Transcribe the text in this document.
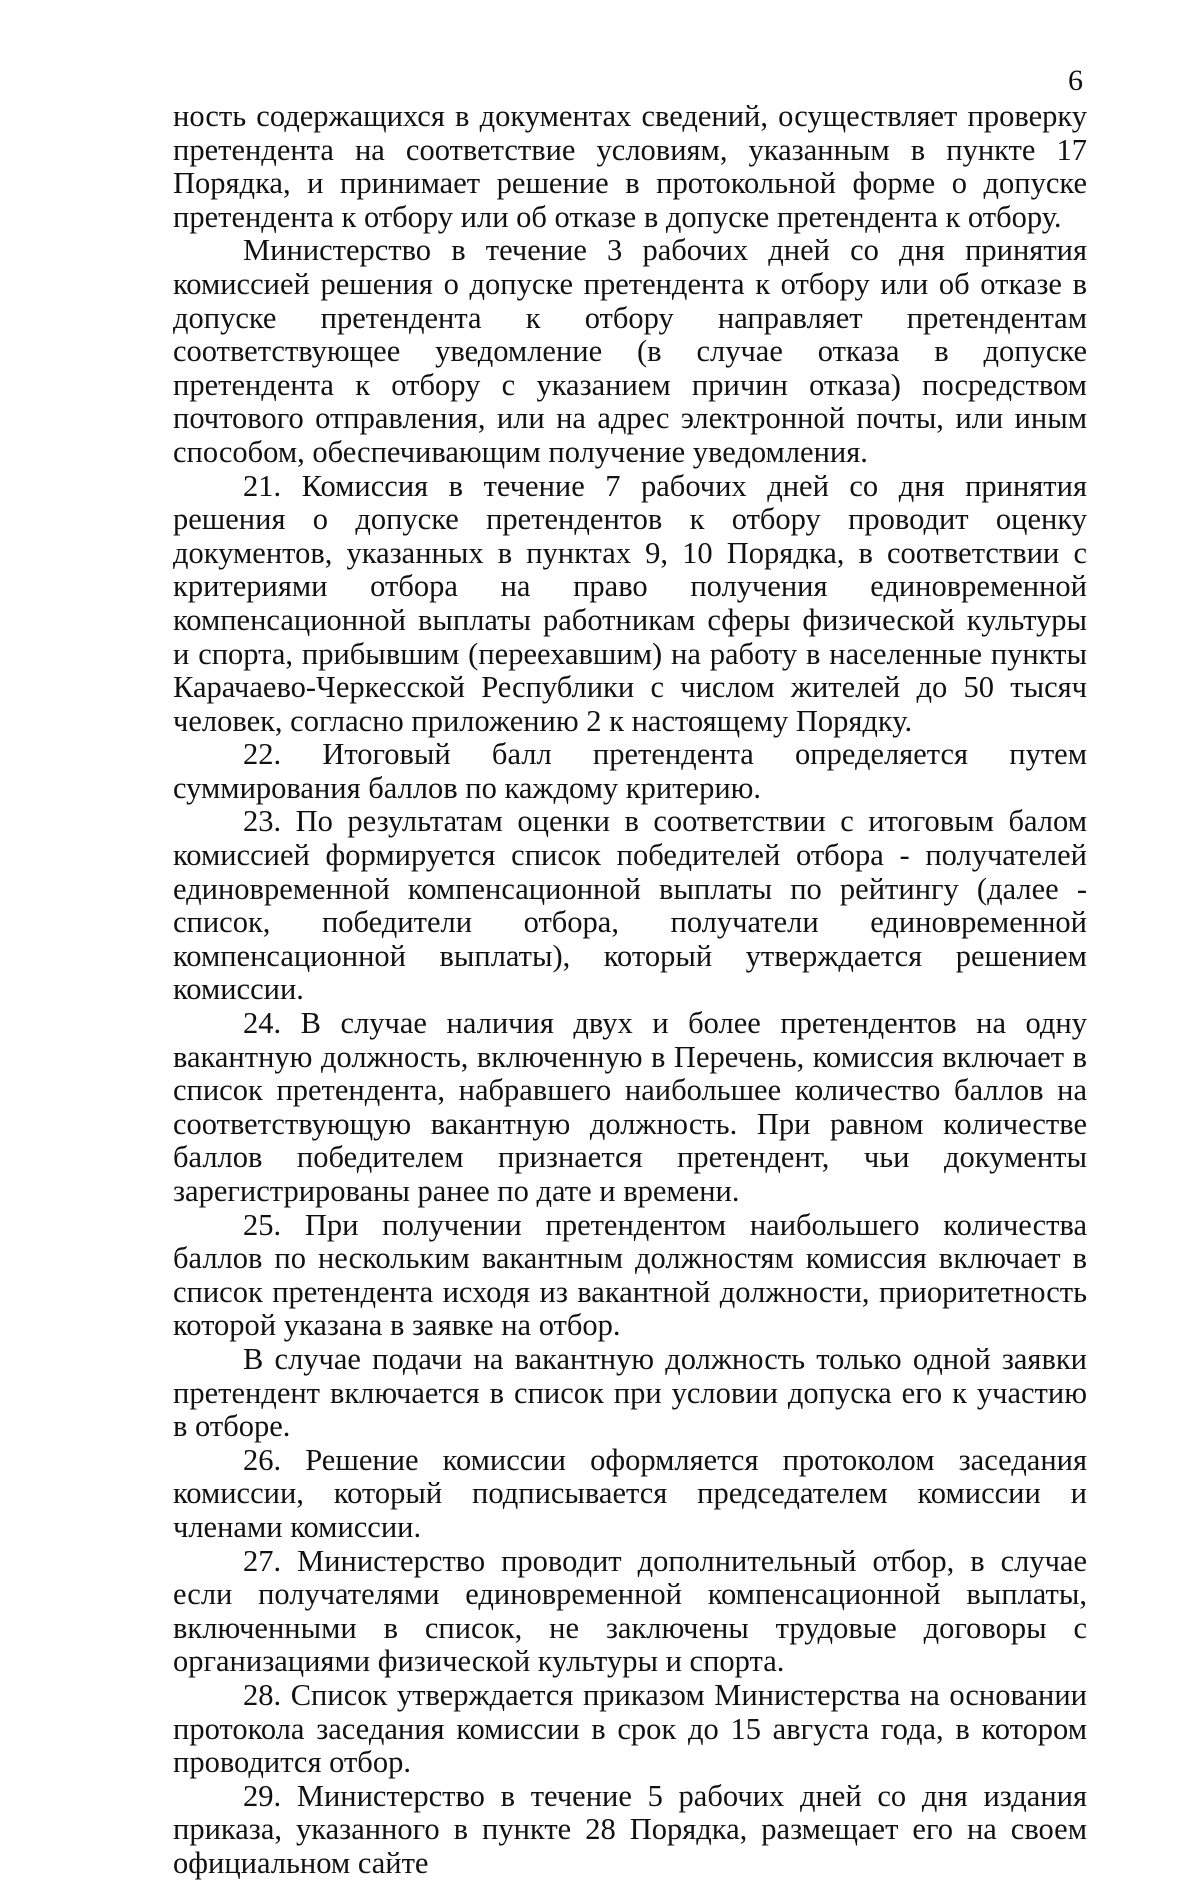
6

ность содержащихся в документах сведений, осуществляет проверку претендента на соответствие условиям, указанным в пункте 17 Порядка, и принимает решение в протокольной форме о допуске претендента к отбору или об отказе в допуске претендента к отбору.

Министерство в течение 3 рабочих дней со дня принятия комиссией решения о допуске претендента к отбору или об отказе в допуске претендента к отбору направляет претендентам соответствующее уведомление (в случае отказа в допуске претендента к отбору с указанием причин отказа) посредством почтового отправления, или на адрес электронной почты, или иным способом, обеспечивающим получение уведомления.

21. Комиссия в течение 7 рабочих дней со дня принятия решения о допуске претендентов к отбору проводит оценку документов, указанных в пунктах 9, 10 Порядка, в соответствии с критериями отбора на право получения единовременной компенсационной выплаты работникам сферы физической культуры и спорта, прибывшим (переехавшим) на работу в населенные пункты Карачаево-Черкесской Республики с числом жителей до 50 тысяч человек, согласно приложению 2 к настоящему Порядку.

22. Итоговый балл претендента определяется путем суммирования баллов по каждому критерию.

23. По результатам оценки в соответствии с итоговым балом комиссией формируется список победителей отбора - получателей единовременной компенсационной выплаты по рейтингу (далее - список, победители отбора, получатели единовременной компенсационной выплаты), который утверждается решением комиссии.

24. В случае наличия двух и более претендентов на одну вакантную должность, включенную в Перечень, комиссия включает в список претендента, набравшего наибольшее количество баллов на соответствующую вакантную должность. При равном количестве баллов победителем признается претендент, чьи документы зарегистрированы ранее по дате и времени.

25. При получении претендентом наибольшего количества баллов по нескольким вакантным должностям комиссия включает в список претендента исходя из вакантной должности, приоритетность которой указана в заявке на отбор.

В случае подачи на вакантную должность только одной заявки претендент включается в список при условии допуска его к участию в отборе.

26. Решение комиссии оформляется протоколом заседания комиссии, который подписывается председателем комиссии и членами комиссии.

27. Министерство проводит дополнительный отбор, в случае если получателями единовременной компенсационной выплаты, включенными в список, не заключены трудовые договоры с организациями физической культуры и спорта.

28. Список утверждается приказом Министерства на основании протокола заседания комиссии в срок до 15 августа года, в котором проводится отбор.

29. Министерство в течение 5 рабочих дней со дня издания приказа, указанного в пункте 28 Порядка, размещает его на своем официальном сайте
